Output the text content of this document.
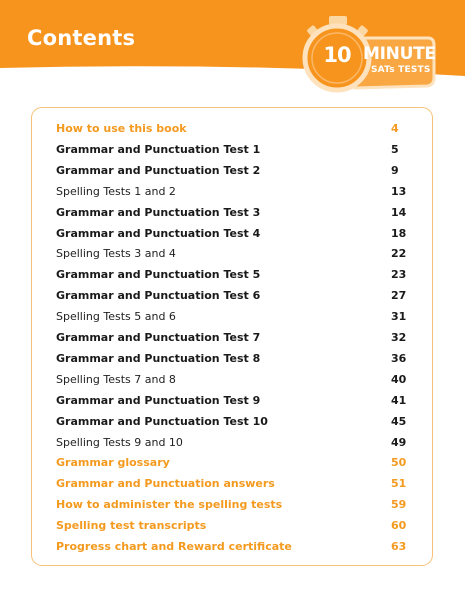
Contents
10 MINUTE
SATs TESTS
How to use this book	4
Grammar and Punctuation Test 1	5
Grammar and Punctuation Test 2	9
Spelling Tests 1 and 2	13
Grammar and Punctuation Test 3	14
Grammar and Punctuation Test 4	18
Spelling Tests 3 and 4	22
Grammar and Punctuation Test 5	23
Grammar and Punctuation Test 6	27
Spelling Tests 5 and 6	31
Grammar and Punctuation Test 7	32
Grammar and Punctuation Test 8	36
Spelling Tests 7 and 8	40
Grammar and Punctuation Test 9	41
Grammar and Punctuation Test 10	45
Spelling Tests 9 and 10	49
Grammar glossary	50
Grammar and Punctuation answers	51
How to administer the spelling tests	59
Spelling test transcripts	60
Progress chart and Reward certificate	63
